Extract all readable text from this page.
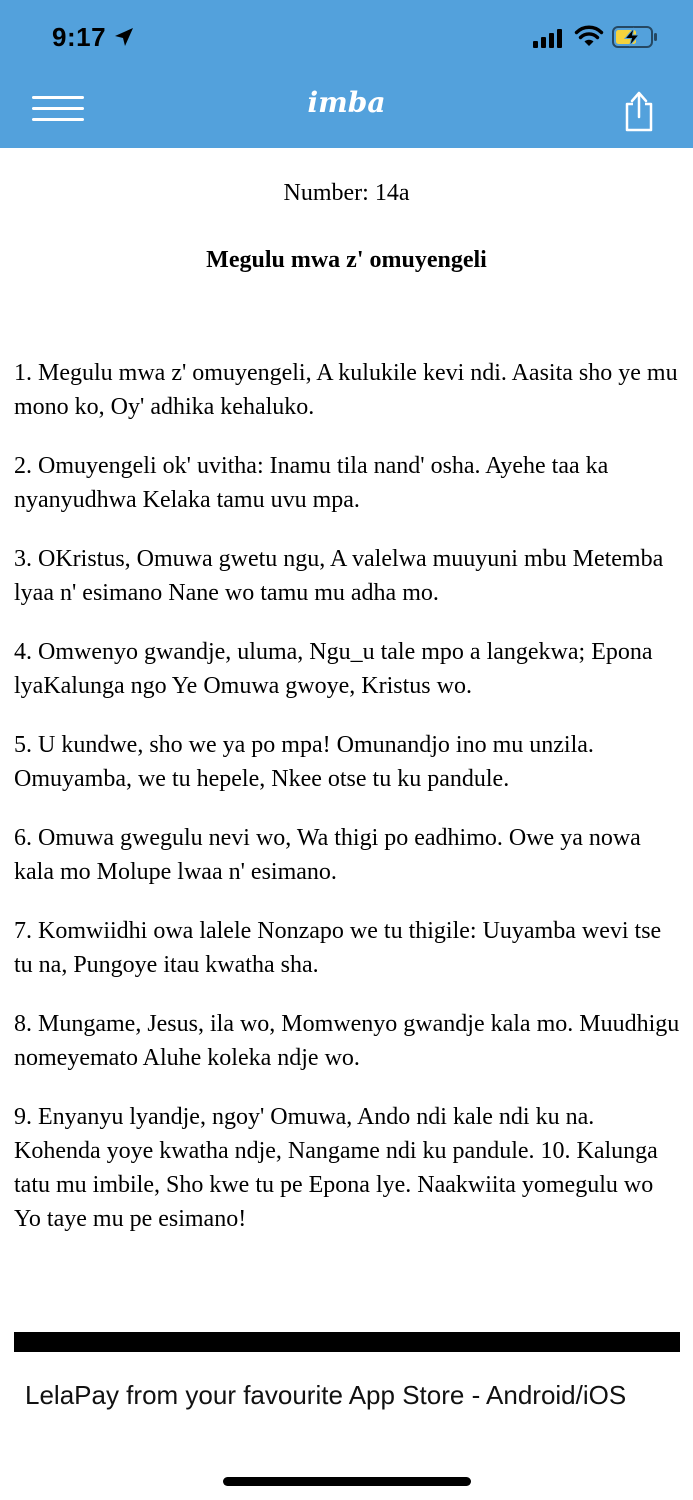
9:17
imba
Number: 14a
Megulu mwa z' omuyengeli

1. Megulu mwa z' omuyengeli, A kulukile kevi ndi. Aasita sho ye mu mono ko, Oy' adhika kehaluko.

2. Omuyengeli ok' uvitha: Inamu tila nand' osha. Ayehe taa ka nyanyudhwa Kelaka tamu uvu mpa.

3. OKristus, Omuwa gwetu ngu, A valelwa muuyuni mbu Metemba lyaa n' esimano Nane wo tamu mu adha mo.

4. Omwenyo gwandje, uluma, Ngu_u tale mpo a langekwa; Epona lyaKalunga ngo Ye Omuwa gwoye, Kristus wo.

5. U kundwe, sho we ya po mpa! Omunandjo ino mu unzila. Omuyamba, we tu hepele, Nkee otse tu ku pandule.

6. Omuwa gwegulu nevi wo, Wa thigi po eadhimo. Owe ya nowa kala mo Molupe lwaa n' esimano.

7. Komwiidhi owa lalele Nonzapo we tu thigile: Uuyamba wevi tse tu na, Pungoye itau kwatha sha.

8. Mungame, Jesus, ila wo, Momwenyo gwandje kala mo. Muudhigu nomeyemato Aluhe koleka ndje wo.

9. Enyanyu lyandje, ngoy' Omuwa, Ando ndi kale ndi ku na. Kohenda yoye kwatha ndje, Nangame ndi ku pandule. 10. Kalunga tatu mu imbile, Sho kwe tu pe Epona lye. Naakwiita yomegulu wo Yo taye mu pe esimano!

LelaPay from your favourite App Store - Android/iOS
